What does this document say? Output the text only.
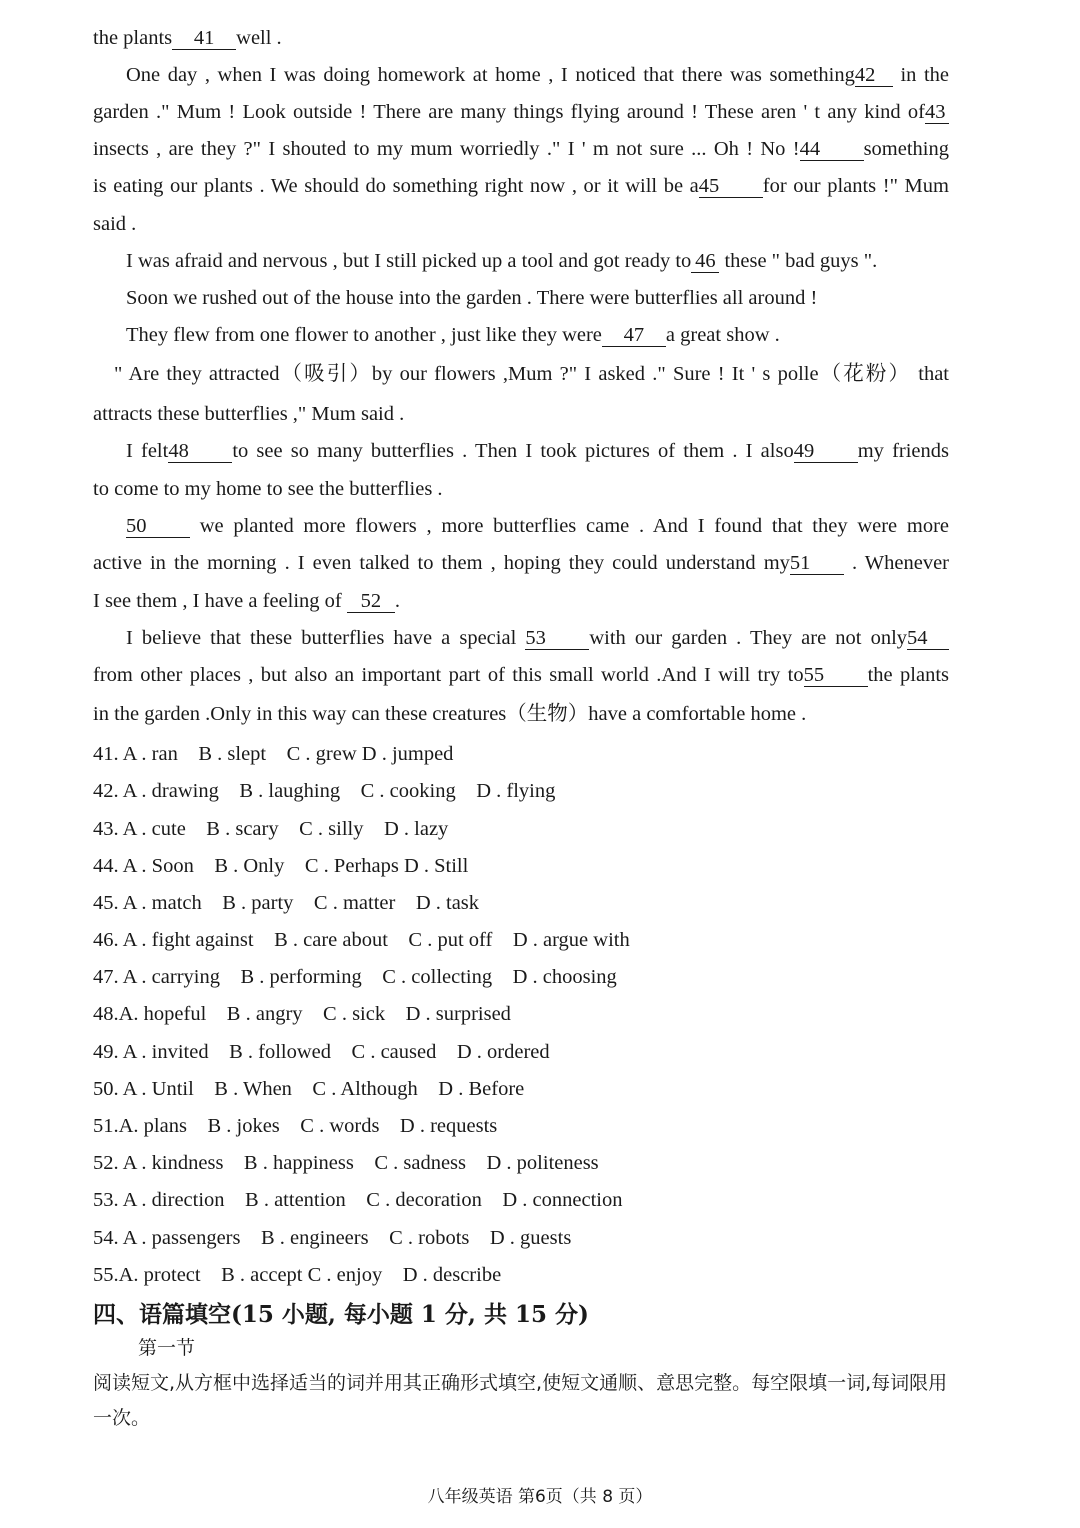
the plants 41 well .
One day , when I was doing homework at home , I noticed that there was something42 in the
garden ." Mum ! Look outside ! There are many things flying around ! These aren ' t any kind of43
insects , are they ?" I shouted to my mum worriedly ." I ' m not sure ... Oh ! No !44 something
is eating our plants . We should do something right now , or it will be a45 for our plants !" Mum
said .
I was afraid and nervous , but I still picked up a tool and got ready to 46 these " bad guys ".
Soon we rushed out of the house into the garden . There were butterflies all around !
They flew from one flower to another , just like they were 47 a great show .
" Are they attracted（吸引）by our flowers ,Mum ?" I asked ." Sure ! It ' s polle（花粉） that
attracts these butterflies ," Mum said .
I felt48 to see so many butterflies . Then I took pictures of them . I also49 my friends
to come to my home to see the butterflies .
50	we planted more flowers , more butterflies came . And I found that they were more
active in the morning . I even talked to them , hoping they could understand my51 . Whenever
I see them , I have a feeling of 52 .
I believe that these butterflies have a special 53 with our garden . They are not only54
from other places , but also an important part of this small world .And I will try to55 the plants
in the garden .Only in this way can these creatures（生物）have a comfortable home .
41. A . ran    B . slept    C . grew D . jumped
42. A . drawing    B . laughing    C . cooking    D . flying
43. A . cute    B . scary    C . silly    D . lazy
44. A . Soon    B . Only    C . Perhaps D . Still
45. A . match    B . party    C . matter    D . task
46. A . fight against    B . care about    C . put off    D . argue with
47. A . carrying    B . performing    C . collecting    D . choosing
48.A. hopeful    B . angry    C . sick    D . surprised
49. A . invited    B . followed    C . caused    D . ordered
50. A . Until    B . When    C . Although    D . Before
51.A. plans    B . jokes    C . words    D . requests
52. A . kindness    B . happiness    C . sadness    D . politeness
53. A . direction    B . attention    C . decoration    D . connection
54. A . passengers    B . engineers    C . robots    D . guests
55.A. protect    B . accept C . enjoy    D . describe
四、语篇填空(15 小题, 每小题 1 分, 共 15 分)
第一节
阅读短文,从方框中选择适当的词并用其正确形式填空,使短文通顺、意思完整。每空限填一词,每词限用一次。
八年级英语 第6页（共 8 页）
